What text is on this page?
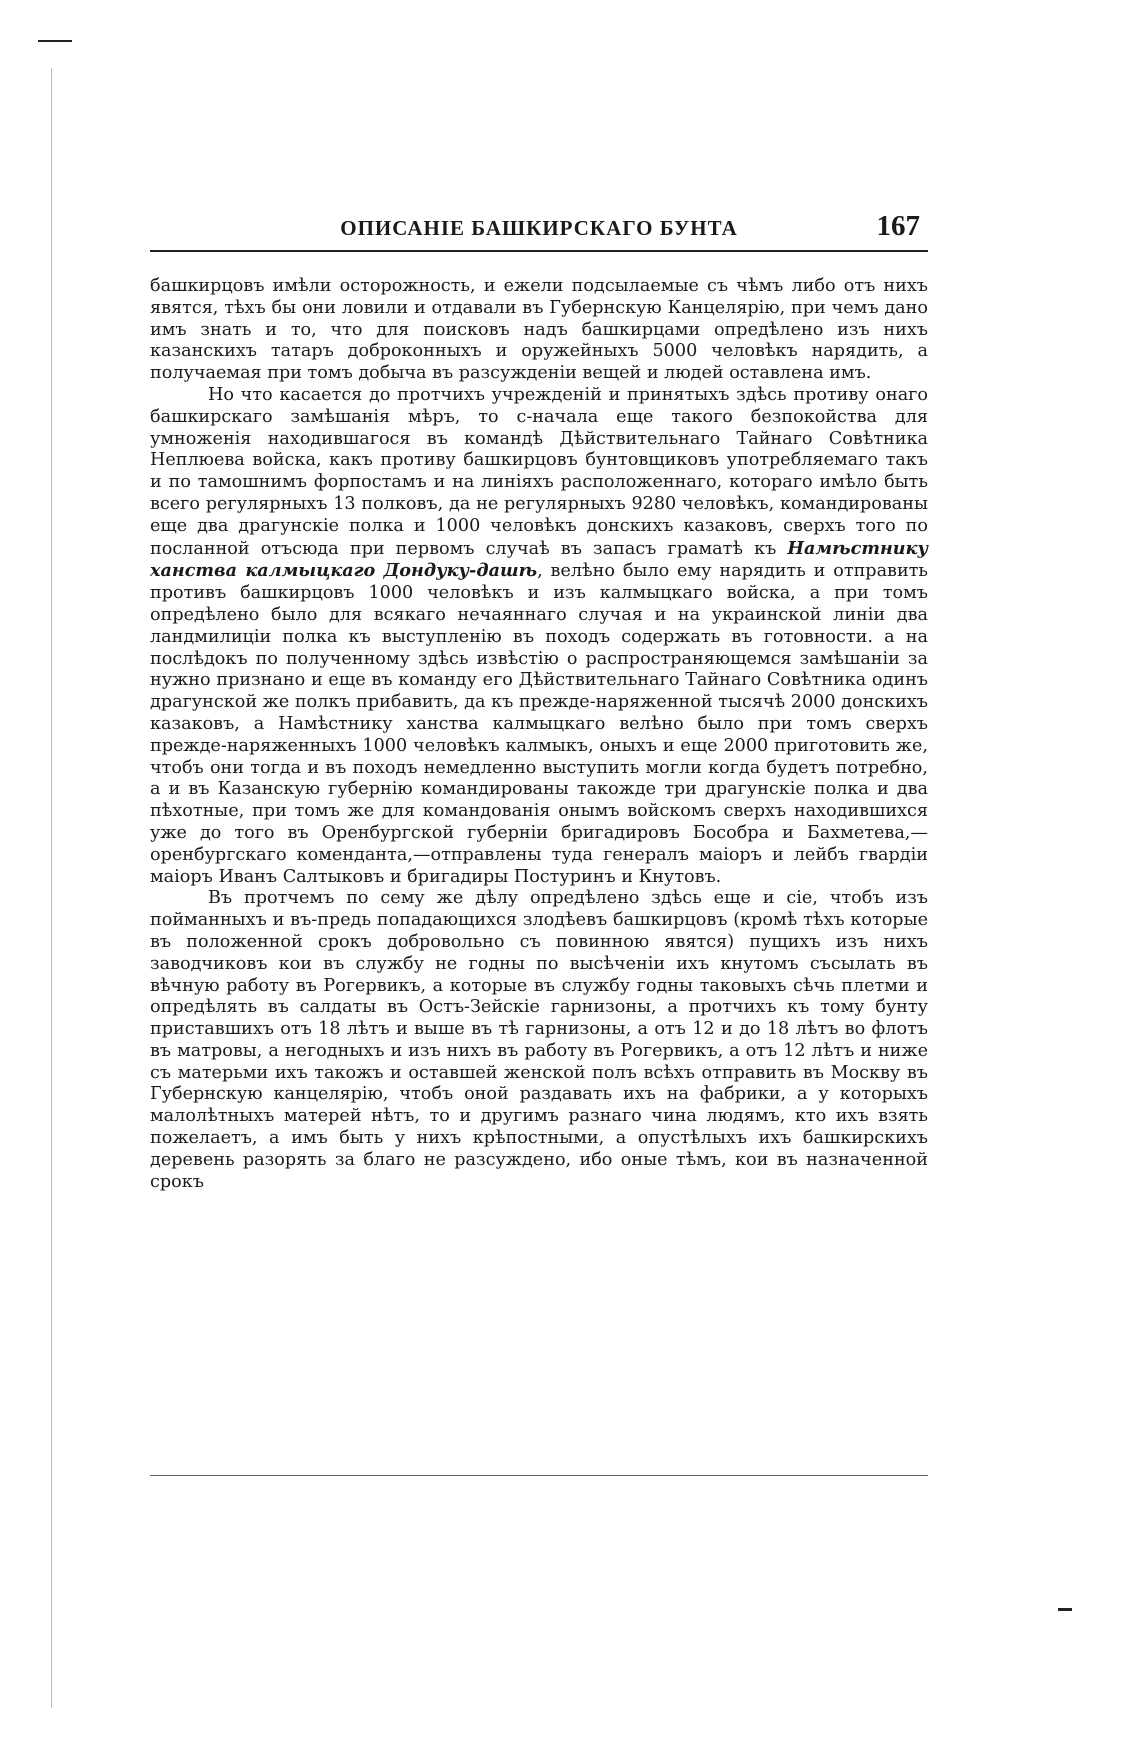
ОПИСАНІЕ БАШКИРСКАГО БУНТА	167

башкирцовъ имѣли осторожность, и ежели подсылаемые съ чѣмъ либо отъ нихъ явятся, тѣхъ бы они ловили и отдавали въ Губернскую Канцелярію, при чемъ дано имъ знать и то, что для поисковъ надъ башкирцами опредѣлено изъ нихъ казанскихъ татаръ доброконныхъ и оружейныхъ 5000 человѣкъ нарядить, а получаемая при томъ добыча въ разсужденіи вещей и людей оставлена имъ.

Но что касается до протчихъ учрежденій и принятыхъ здѣсь противу онаго башкирскаго замѣшанія мѣръ, то с-начала еще такого безпокойства для умноженія находившагося въ командѣ Дѣйствительнаго Тайнаго Совѣтника Неплюева войска, какъ противу башкирцовъ бунтовщиковъ употребляемаго такъ и по тамошнимъ форпостамъ и на линіяхъ расположеннаго, котораго имѣло быть всего регулярныхъ 13 полковъ, да не регулярныхъ 9280 человѣкъ, командированы еще два драгунскіе полка и 1000 человѣкъ донскихъ казаковъ, сверхъ того по посланной отъсюда при первомъ случаѣ въ запасъ граматѣ къ Намѣстнику ханства калмыцкаго Дондуку-дашѣ, велѣно было ему нарядить и отправить противъ башкирцовъ 1000 человѣкъ и изъ калмыцкаго войска, а при томъ опредѣлено было для всякаго нечаяннаго случая и на украинской линіи два ландмилиціи полка къ выступленію въ походъ содержать въ готовности. а на послѣдокъ по полученному здѣсь извѣстію о распространяющемся замѣшаніи за нужно признано и еще въ команду его Дѣйствительнаго Тайнаго Совѣтника одинъ драгунской же полкъ прибавить, да къ прежде-наряженной тысячѣ 2000 донскихъ казаковъ, а Намѣстнику ханства калмыцкаго велѣно было при томъ сверхъ прежде-наряженныхъ 1000 человѣкъ калмыкъ, оныхъ и еще 2000 приготовить же, чтобъ они тогда и въ походъ немедленно выступить могли когда будетъ потребно, а и въ Казанскую губернію командированы такожде три драгунскіе полка и два пѣхотные, при томъ же для командованія онымъ войскомъ сверхъ находившихся уже до того въ Оренбургской губерніи бригадировъ Бособра и Бахметева,—оренбургскаго коменданта,—отправлены туда генералъ маіоръ и лейбъ гвардіи маіоръ Иванъ Салтыковъ и бригадиры Постуринъ и Кнутовъ.

Въ протчемъ по сему же дѣлу опредѣлено здѣсь еще и сіе, чтобъ изъ пойманныхъ и въ-предь попадающихся злодѣевъ башкирцовъ (кромѣ тѣхъ которые въ положенной срокъ добровольно съ повинною явятся) пущихъ изъ нихъ заводчиковъ кои въ службу не годны по высѣченіи ихъ кнутомъ съсылать въ вѣчную работу въ Рогервикъ, а которые въ службу годны таковыхъ сѣчь плетми и опредѣлять въ салдаты въ Остъ-Зейскіе гарнизоны, а протчихъ къ тому бунту приставшихъ отъ 18 лѣтъ и выше въ тѣ гарнизоны, а отъ 12 и до 18 лѣтъ во флотъ въ матровы, а негодныхъ и изъ нихъ въ работу въ Рогервикъ, а отъ 12 лѣтъ и ниже съ матерьми ихъ такожъ и оставшей женской полъ всѣхъ отправить въ Москву въ Губернскую канцелярію, чтобъ оной раздавать ихъ на фабрики, а у которыхъ малолѣтныхъ матерей нѣтъ, то и другимъ разнаго чина людямъ, кто ихъ взять пожелаетъ, а имъ быть у нихъ крѣпостными, а опустѣлыхъ ихъ башкирскихъ деревень разорять за благо не разсуждено, ибо оные тѣмъ, кои въ назначенной срокъ
